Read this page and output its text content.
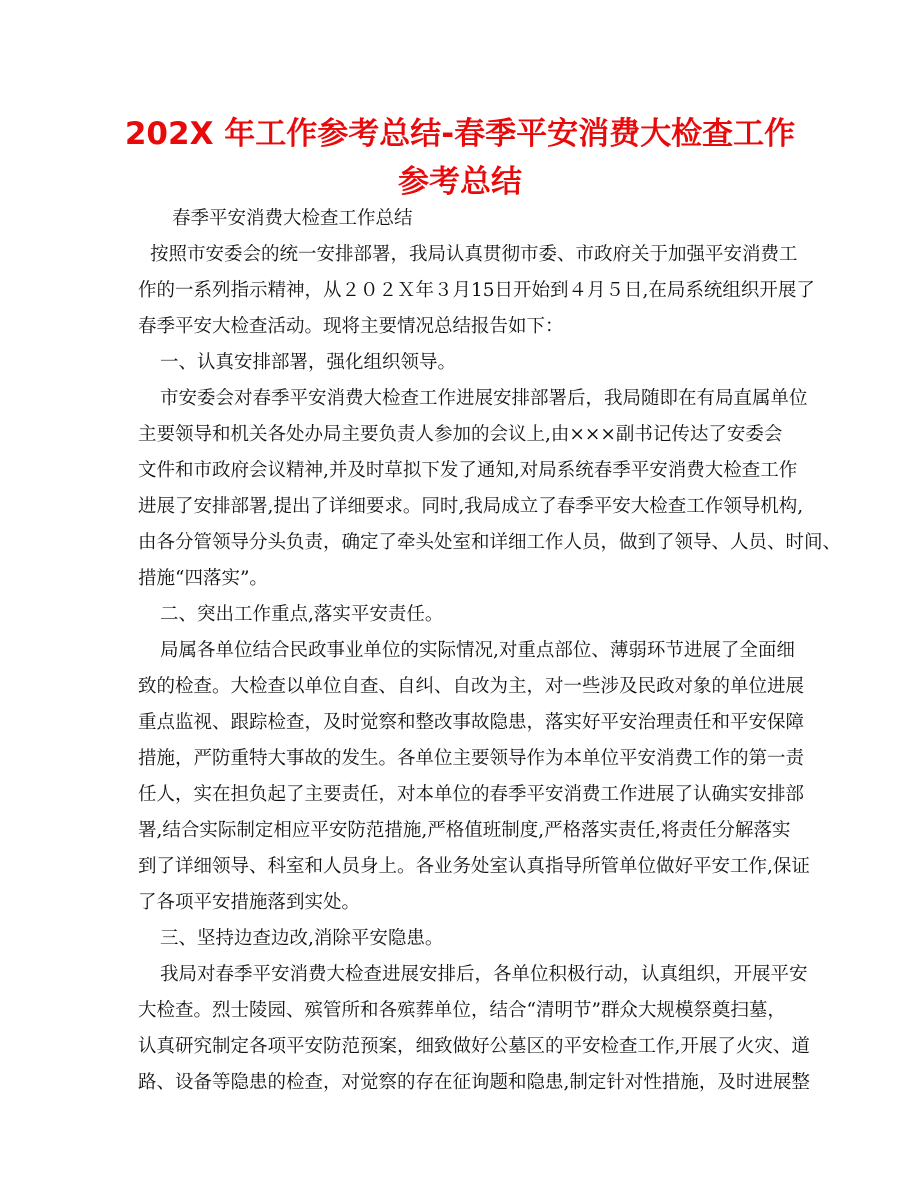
202X 年工作参考总结-春季平安消费大检查工作
参考总结
春季平安消费大检查工作总结
按照市安委会的统一安排部署，我局认真贯彻市委、市政府关于加强平安消费工
作的一系列指示精神，从２０２Ｘ年３月15日开始到４月５日,在局系统组织开展了
春季平安大检查活动。现将主要情况总结报告如下：
一、认真安排部署，强化组织领导。
市安委会对春季平安消费大检查工作进展安排部署后，我局随即在有局直属单位
主要领导和机关各处办局主要负责人参加的会议上,由×××副书记传达了安委会
文件和市政府会议精神,并及时草拟下发了通知,对局系统春季平安消费大检查工作
进展了安排部署,提出了详细要求。同时,我局成立了春季平安大检查工作领导机构,
由各分管领导分头负责，确定了牵头处室和详细工作人员，做到了领导、人员、时间、
措施“四落实”。
二、突出工作重点,落实平安责任。
局属各单位结合民政事业单位的实际情况,对重点部位、薄弱环节进展了全面细
致的检查。大检查以单位自查、自纠、自改为主，对一些涉及民政对象的单位进展
重点监视、跟踪检查，及时觉察和整改事故隐患，落实好平安治理责任和平安保障
措施，严防重特大事故的发生。各单位主要领导作为本单位平安消费工作的第一责
任人，实在担负起了主要责任，对本单位的春季平安消费工作进展了认确实安排部
署,结合实际制定相应平安防范措施,严格值班制度,严格落实责任,将责任分解落实
到了详细领导、科室和人员身上。各业务处室认真指导所管单位做好平安工作,保证
了各项平安措施落到实处。
三、坚持边查边改,消除平安隐患。
我局对春季平安消费大检查进展安排后，各单位积极行动，认真组织，开展平安
大检查。烈士陵园、殡管所和各殡葬单位，结合“清明节”群众大规模祭奠扫墓，
认真研究制定各项平安防范预案，细致做好公墓区的平安检查工作,开展了火灾、道
路、设备等隐患的检查，对觉察的存在征询题和隐患,制定针对性措施，及时进展整
